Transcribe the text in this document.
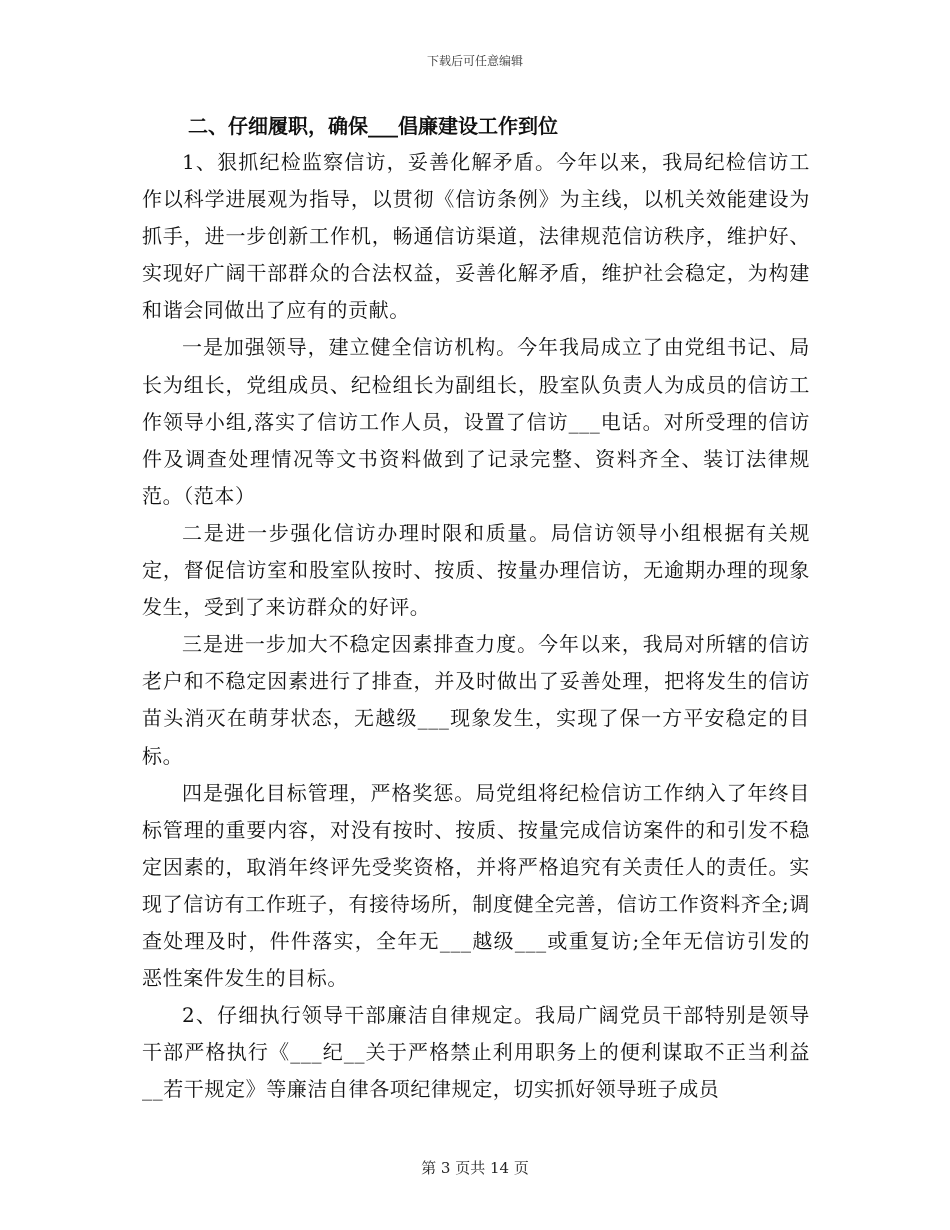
下载后可任意编辑

二、仔细履职，确保___倡廉建设工作到位

1、狠抓纪检监察信访，妥善化解矛盾。今年以来，我局纪检信访工作以科学进展观为指导，以贯彻《信访条例》为主线，以机关效能建设为抓手，进一步创新工作机，畅通信访渠道，法律规范信访秩序，维护好、实现好广阔干部群众的合法权益，妥善化解矛盾，维护社会稳定，为构建和谐会同做出了应有的贡献。

一是加强领导，建立健全信访机构。今年我局成立了由党组书记、局长为组长，党组成员、纪检组长为副组长，股室队负责人为成员的信访工作领导小组,落实了信访工作人员，设置了信访___电话。对所受理的信访件及调查处理情况等文书资料做到了记录完整、资料齐全、装订法律规范。（范本）

二是进一步强化信访办理时限和质量。局信访领导小组根据有关规定，督促信访室和股室队按时、按质、按量办理信访，无逾期办理的现象发生，受到了来访群众的好评。

三是进一步加大不稳定因素排查力度。今年以来，我局对所辖的信访老户和不稳定因素进行了排查，并及时做出了妥善处理，把将发生的信访苗头消灭在萌芽状态，无越级___现象发生，实现了保一方平安稳定的目标。

四是强化目标管理，严格奖惩。局党组将纪检信访工作纳入了年终目标管理的重要内容，对没有按时、按质、按量完成信访案件的和引发不稳定因素的，取消年终评先受奖资格，并将严格追究有关责任人的责任。实现了信访有工作班子，有接待场所，制度健全完善，信访工作资料齐全;调查处理及时，件件落实，全年无___越级___或重复访;全年无信访引发的恶性案件发生的目标。

2、仔细执行领导干部廉洁自律规定。我局广阔党员干部特别是领导干部严格执行《___纪__关于严格禁止利用职务上的便利谋取不正当利益__若干规定》等廉洁自律各项纪律规定，切实抓好领导班子成员

第 3 页共 14 页
